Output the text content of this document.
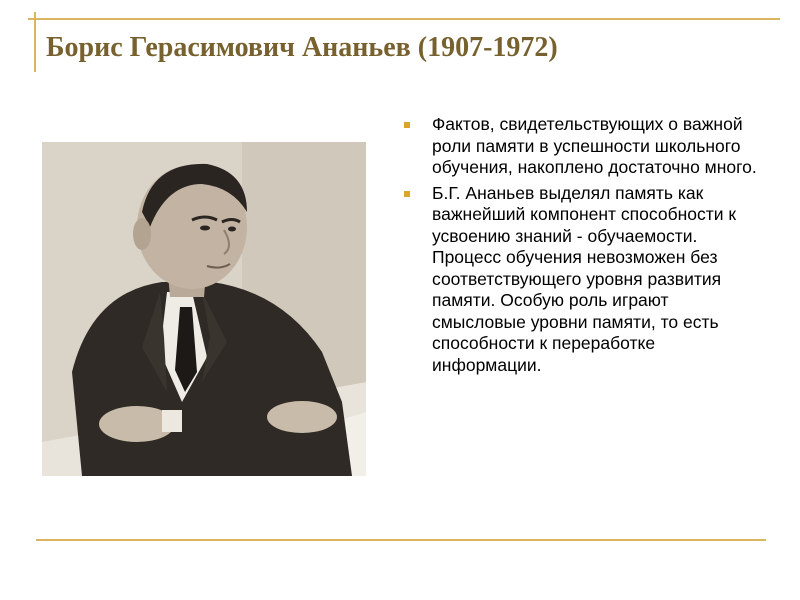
Борис Герасимович Ананьев (1907-1972)
Фактов, свидетельствующих о важной роли памяти в успешности школьного обучения, накоплено достаточно много.
Б.Г. Ананьев выделял память как важнейший компонент способности к усвоению знаний - обучаемости. Процесс обучения невозможен без соответствующего уровня развития памяти. Особую роль играют смысловые уровни памяти, то есть способности к переработке информации.
